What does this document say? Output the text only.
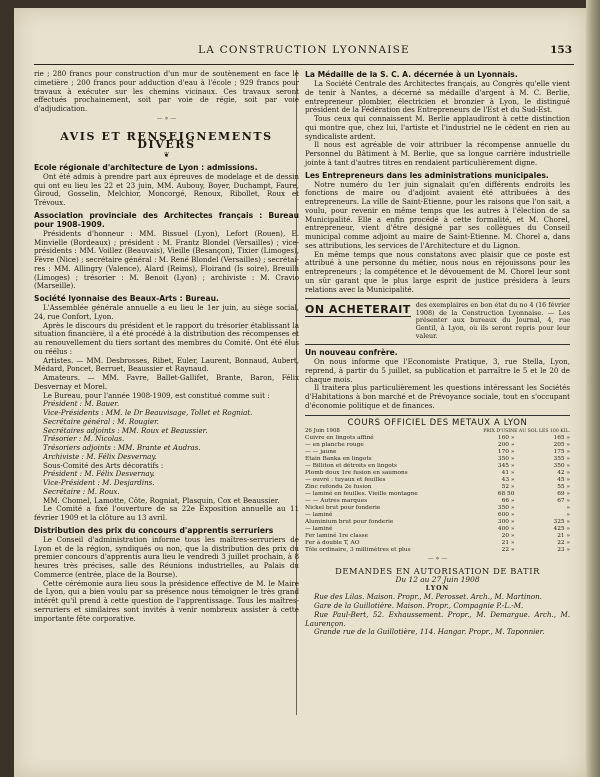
LA CONSTRUCTION LYONNAISE	153

rie ; 280 francs pour construction d'un mur de soutènement en face le cimetière ; 200 francs pour adduction d'eau à l'école ; 929 francs pour travaux à exécuter sur les chemins vicinaux. Ces travaux seront effectués prochainement, soit par voie de régie, soit par voie d'adjudication.

— ⋄ —
AVIS ET RENSEIGNEMENTS DIVERS
❦
Ecole régionale d'architecture de Lyon : admissions.

Ont été admis à prendre part aux épreuves de modelage et de dessin qui ont eu lieu les 22 et 23 juin, MM. Aubouy, Boyer, Duchampt, Faure, Giroud, Gosselin, Melchior, Moncorgé, Renoux, Ribollet, Roux et Trévoux.

Association provinciale des Architectes français : Bureau pour 1908-1909.

Présidents d'honneur : MM. Bissuel (Lyon), Lefort (Rouen), E. Minvielle (Bordeaux) ; président : M. Frantz Blondel (Versailles) ; vice-présidents : MM. Voillez (Beauvais), Vieille (Besançon), Tixier (Limoges), Fèvre (Nice) ; secrétaire général : M. René Blondel (Versailles) ; secrétaires : MM. Allingry (Valence), Alard (Reims), Floirand (Is soire), Breuilh (Limoges) ; trésorier : M. Benoit (Lyon) ; archiviste : M. Cravio (Marseille).

Société lyonnaise des Beaux-Arts : Bureau.

L'Assemblée générale annuelle a eu lieu le 1er juin, au siège social, 24, rue Confort, Lyon.

Après le discours du président et le rapport du trésorier établissant la situation financière, il a été procédé à la distribution des récompenses et au renouvellement du tiers sortant des membres du Comité. Ont été élus ou réélus :

Artistes. — MM. Desbrosses, Ribet, Euler, Laurent, Bonnaud, Aubert, Médard, Poncet, Berruet, Beaussier et Raynaud.

Amateurs. — MM. Favre, Ballet-Gallifet, Brante, Baron, Félix Desvernay et Morel.

Le Bureau, pour l'année 1908-1909, est constitué comme suit :

Président : M. Bauer.

Vice-Présidents : MM. le Dr Beauvisage, Tollet et Rogniat.

Secrétaire général : M. Rougier.

Secrétaires adjoints : MM. Roux et Beaussier.

Trésorier : M. Nicolas.

Trésoriers adjoints : MM. Brante et Audras.

Archiviste : M. Félix Desvernay.

Sous-Comité des Arts décoratifs :

Président : M. Félix Desvernay.

Vice-Président : M. Desjardins.

Secrétaire : M. Roux.

MM. Chomel, Lamotte, Côte, Rogniat, Plasquin, Cox et Beaussier.

Le Comité a fixé l'ouverture de sa 22e Exposition annuelle au 11 février 1909 et la clôture au 13 avril.

Distribution des prix du concours d'apprentis serruriers

Le Conseil d'administration informe tous les maîtres-serruriers de Lyon et de la région, syndiqués ou non, que la distribution des prix du premier concours d'apprentis aura lieu le vendredi 3 juillet prochain, à 8 heures très précises, salle des Réunions industrielles, au Palais du Commerce (entrée, place de la Bourse).

Cette cérémonie aura lieu sous la présidence effective de M. le Maire de Lyon, qui a bien voulu par sa présence nous témoigner le très grand intérêt qu'il prend à cette question de l'apprentissage. Tous les maîtres-serruriers et similaires sont invités à venir nombreux assister à cette importante fête corporative.

La Médaille de la S. C. A. décernée à un Lyonnais.

La Société Centrale des Architectes français, au Congrès qu'elle vient de tenir à Nantes, a décerné sa médaille d'argent à M. C. Berlie, entrepreneur plombier, électricien et bronzier à Lyon, le distingué président de la Fédération des Entrepreneurs de l'Est et du Sud-Est.

Tous ceux qui connaissent M. Berlie applaudiront à cette distinction qui montre que, chez lui, l'artiste et l'industriel ne le cèdent en rien au syndicaliste ardent.

Il nous est agréable de voir attribuer la récompense annuelle du Personnel du Bâtiment à M. Berlie, que sa longue carrière industrielle jointe à tant d'autres titres en rendaient particulièrement digne.

Les Entrepreneurs dans les administrations municipales.

Notre numéro du 1er juin signalait qu'en différents endroits les fonctions de maire ou d'adjoint avaient été attribuées à des entrepreneurs. La ville de Saint-Etienne, pour les raisons que l'on sait, a voulu, pour revenir en même temps que les autres à l'élection de sa Municipalité. Elle a enfin procédé à cette formalité, et M. Chorel, entrepreneur, vient d'être désigné par ses collègues du Conseil municipal comme adjoint au maire de Saint-Etienne. M. Chorel a, dans ses attributions, les services de l'Architecture et du Lignon.

En même temps que nous constatons avec plaisir que ce poste est attribué à une personne du métier, nous nous en réjouissons pour les entrepreneurs ; la compétence et le dévouement de M. Chorel leur sont un sûr garant que le plus large esprit de justice présidera à leurs relations avec la Municipalité.

ON ACHETERAIT des exemplaires en bon état du no 4 (16 février 1908) de la Construction Lyonnaise. — Les présenter aux bureaux du Journal, 4, rue Gentil, à Lyon, où ils seront repris pour leur valeur.
Un nouveau confrère.

On nous informe que l'Economiste Pratique, 3, rue Stella, Lyon, reprend, à partir du 5 juillet, sa publication et parraître le 5 et le 20 de chaque mois.

Il traitera plus particulièrement les questions intéressant les Sociétés d'Habitations à bon marché et de Prévoyance sociale, tout en s'occupant d'économie politique et de finances.

COURS OFFICIEL DES METAUX A LYON
26 Juin 1908	PRIX D'USINE AU SOL LES 100 KIL.	
Cuivre en lingots affiné	160 »	165 »
— en planche rouge	200 »	205 »
— — jaune	170 »	175 »
Etain Banka en lingots	350 »	355 »
— Billiton et détroits en lingots	345 »	350 »
Plomb doux 1re fusion en saumons	41 »	42 »
— ouvré : tuyaux et feuilles	43 »	45 »
Zinc refondu 2e fusion	52 »	55 »
— laminé en feuilles. Vieille montagne	68 50	69 »
— — Autres marques	66 »	67 »
Nickel brut pour fonderie	350 »	»
— laminé	600 »	»
Aluminium brut pour fonderie	300 »	325 »
— laminé	400 »	425 »
Fer laminé 1re classe	20 »	21 »
Fer à double T, AO	21 »	22 »
Tôle ordinaire, 3 millimètres et plus	22 »	23 »
— ⋄ —
DEMANDES EN AUTORISATION DE BATIR
Du 12 au 27 Juin 1908
LYON

Rue des Lilas. Maison. Propr., M. Perosset. Arch., M. Martinon.

Gare de la Guillotière. Maison. Propr., Compagnie P.-L.-M.

Rue Paul-Bert, 52. Exhaussement. Propr., M. Demargue. Arch., M. Laurençon.

Grande rue de la Guillotière, 114. Hangar. Propr., M. Taponnier.
